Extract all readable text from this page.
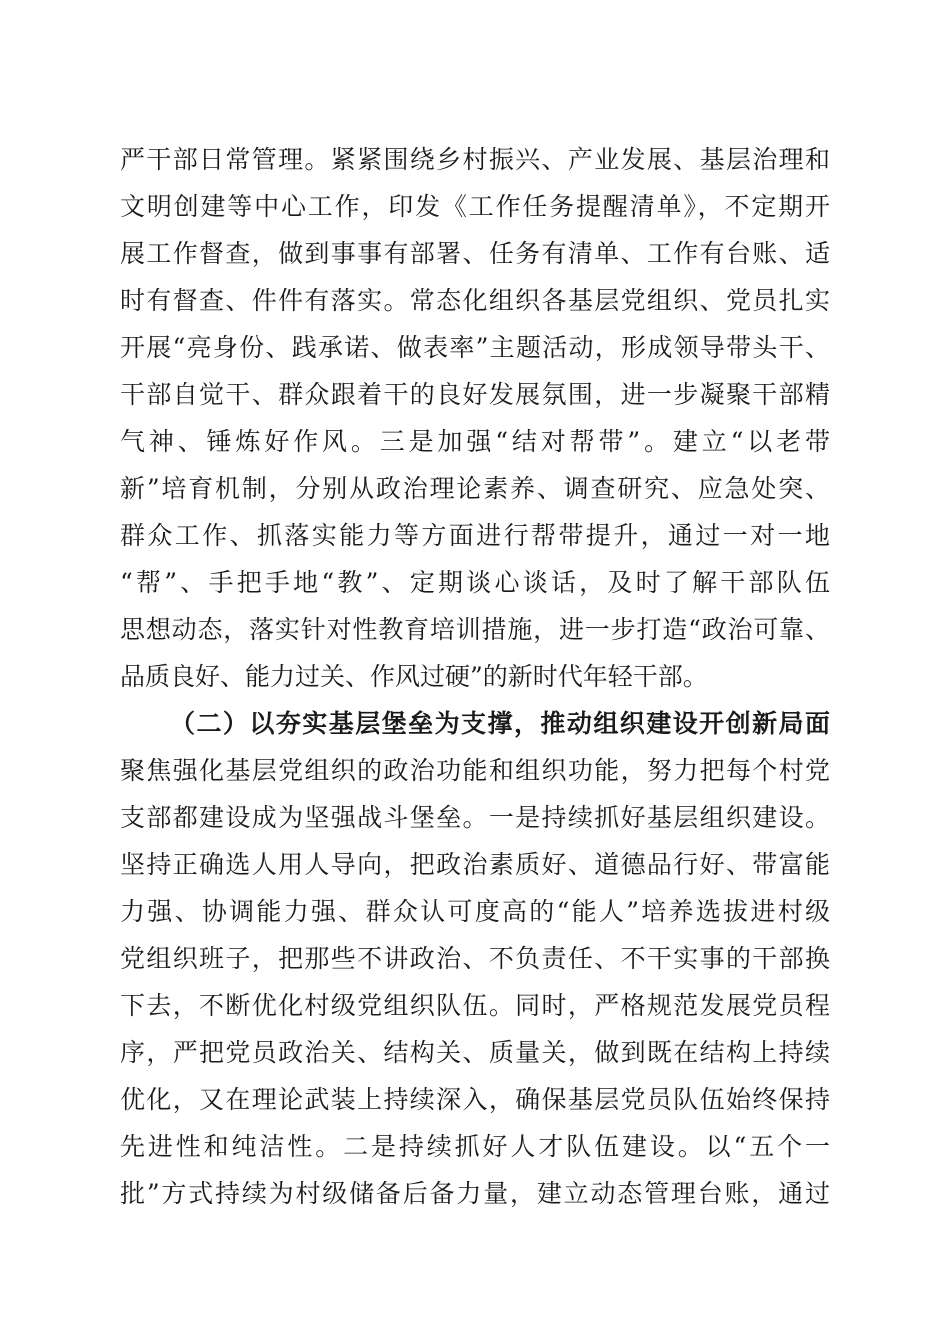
严干部日常管理。紧紧围绕乡村振兴、产业发展、基层治理和
文明创建等中心工作，印发《工作任务提醒清单》，不定期开
展工作督查，做到事事有部署、任务有清单、工作有台账、适
时有督查、件件有落实。常态化组织各基层党组织、党员扎实
开展“亮身份、践承诺、做表率”主题活动，形成领导带头干、
干部自觉干、群众跟着干的良好发展氛围，进一步凝聚干部精
气神、锤炼好作风。三是加强“结对帮带”。建立“以老带
新”培育机制，分别从政治理论素养、调查研究、应急处突、
群众工作、抓落实能力等方面进行帮带提升，通过一对一地
“帮”、手把手地“教”、定期谈心谈话，及时了解干部队伍
思想动态，落实针对性教育培训措施，进一步打造“政治可靠、
品质良好、能力过关、作风过硬”的新时代年轻干部。
（二）以夯实基层堡垒为支撑，推动组织建设开创新局面
聚焦强化基层党组织的政治功能和组织功能，努力把每个村党
支部都建设成为坚强战斗堡垒。一是持续抓好基层组织建设。
坚持正确选人用人导向，把政治素质好、道德品行好、带富能
力强、协调能力强、群众认可度高的“能人”培养选拔进村级
党组织班子，把那些不讲政治、不负责任、不干实事的干部换
下去，不断优化村级党组织队伍。同时，严格规范发展党员程
序，严把党员政治关、结构关、质量关，做到既在结构上持续
优化，又在理论武装上持续深入，确保基层党员队伍始终保持
先进性和纯洁性。二是持续抓好人才队伍建设。以“五个一
批”方式持续为村级储备后备力量，建立动态管理台账，通过
